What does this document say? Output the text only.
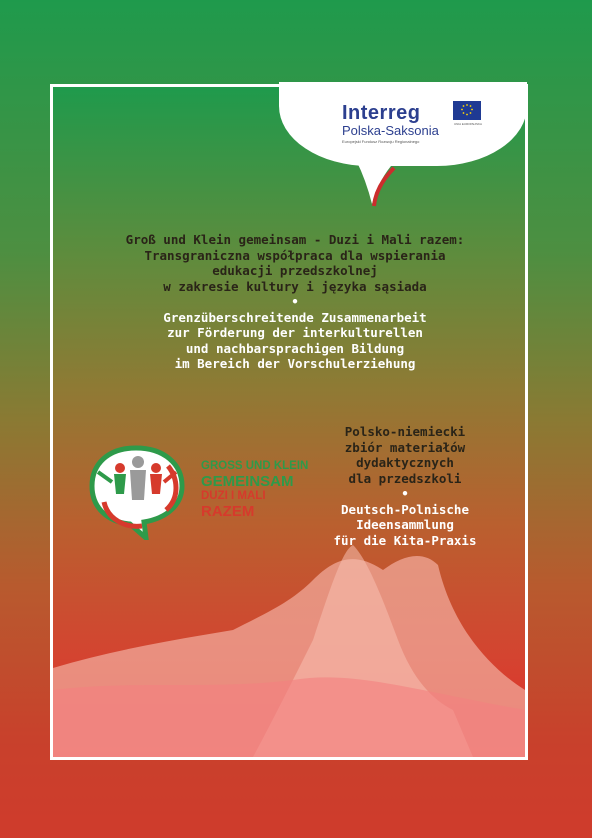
Interreg
Polska-Saksonia
Europejski Fundusz Rozwoju Regionalnego
UNIA EUROPEJSKA
Groß und Klein gemeinsam - Duzi i Mali razem:
Transgraniczna współpraca dla wspierania
edukacji przedszkolnej
w zakresie kultury i języka sąsiada
•
Grenzüberschreitende Zusammenarbeit
zur Förderung der interkulturellen
und nachbarsprachigen Bildung
im Bereich der Vorschulerziehung
GROSS UND KLEIN
GEMEINSAM
DUZI I MALI
RAZEM
Polsko-niemiecki
zbiór materiałów
dydaktycznych
dla przedszkoli
•
Deutsch-Polnische
Ideensammlung
für die Kita-Praxis
